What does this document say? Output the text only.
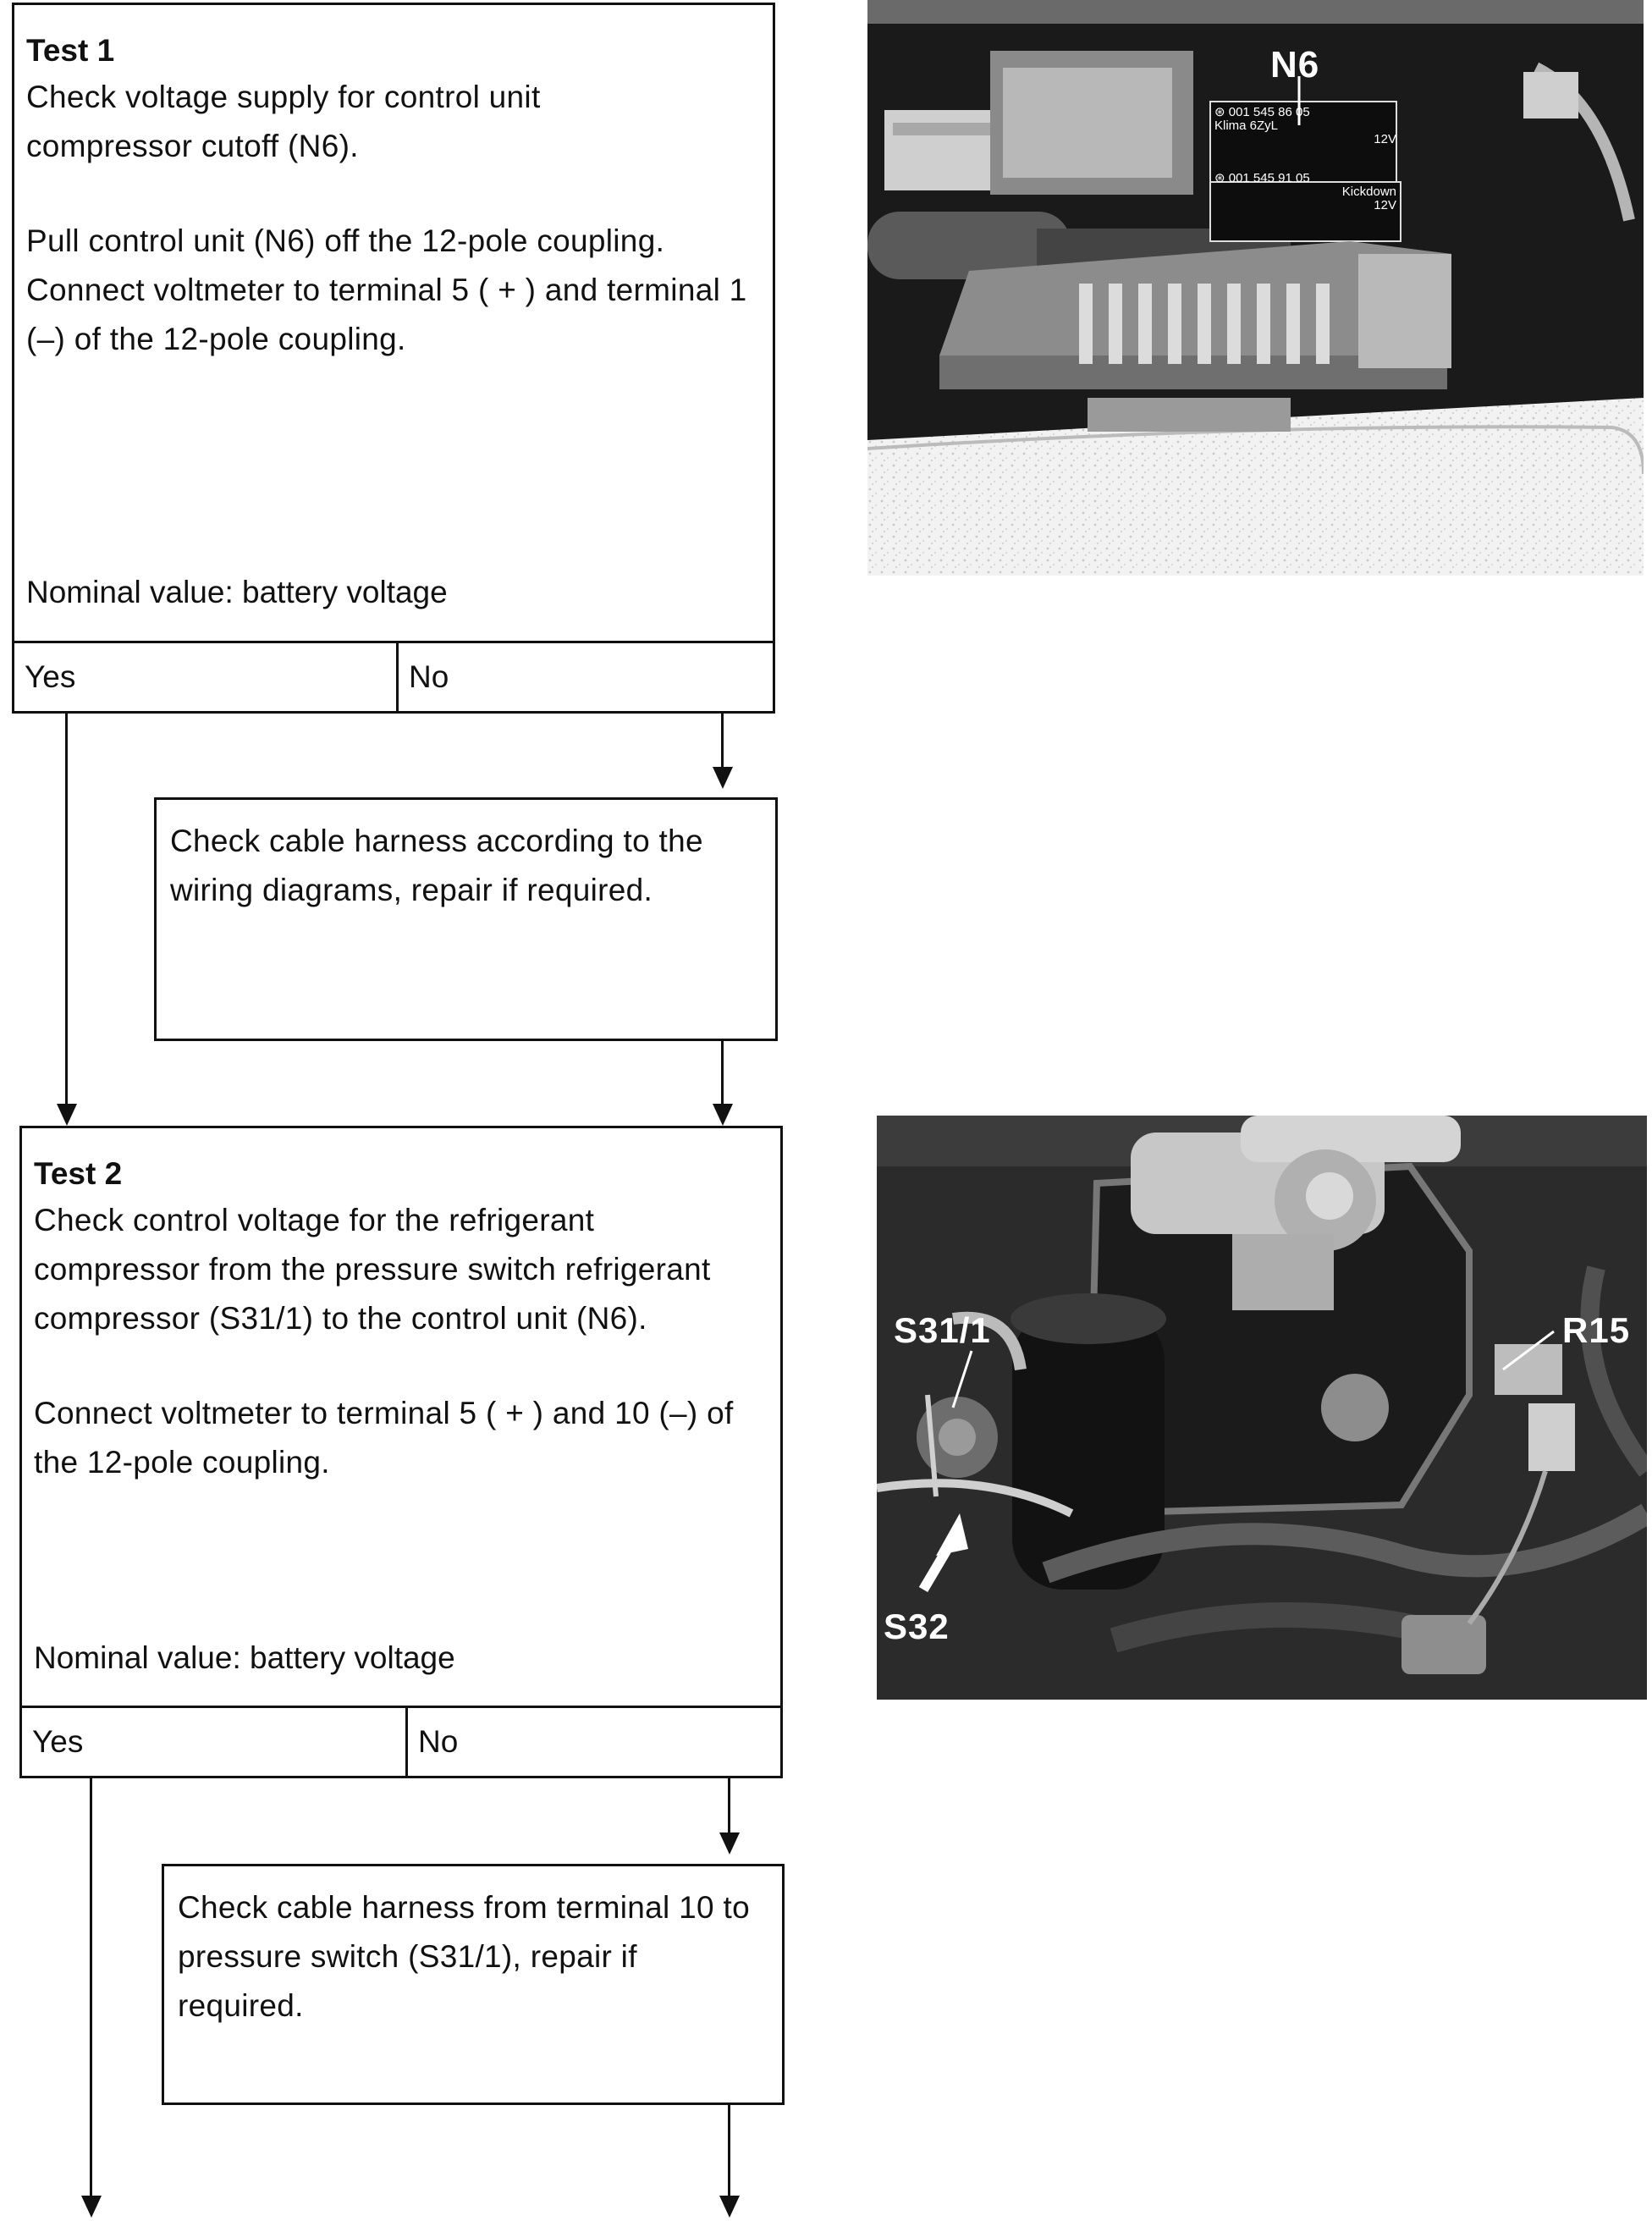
Test 1

Check voltage supply for control unit compressor cutoff (N6).

Pull control unit (N6) off the 12-pole coupling. Connect voltmeter to terminal 5 ( + ) and terminal 1 (–) of the 12-pole coupling.

Nominal value: battery voltage
Yes	No

Check cable harness according to the wiring diagrams, repair if required.

Test 2

Check control voltage for the refrigerant compressor from the pressure switch refrigerant compressor (S31/1) to the control unit (N6).

Connect voltmeter to terminal 5 ( + ) and 10 (–) of the 12-pole coupling.

Nominal value: battery voltage
Yes	No

Check cable harness from terminal 10 to pressure switch (S31/1), repair if required.

N6
⊛ 001 545 86 05
Klima 6ZyL
12V
⊛ 001 545 91 05
Kickdown
12V
S31/1	R15
S32
